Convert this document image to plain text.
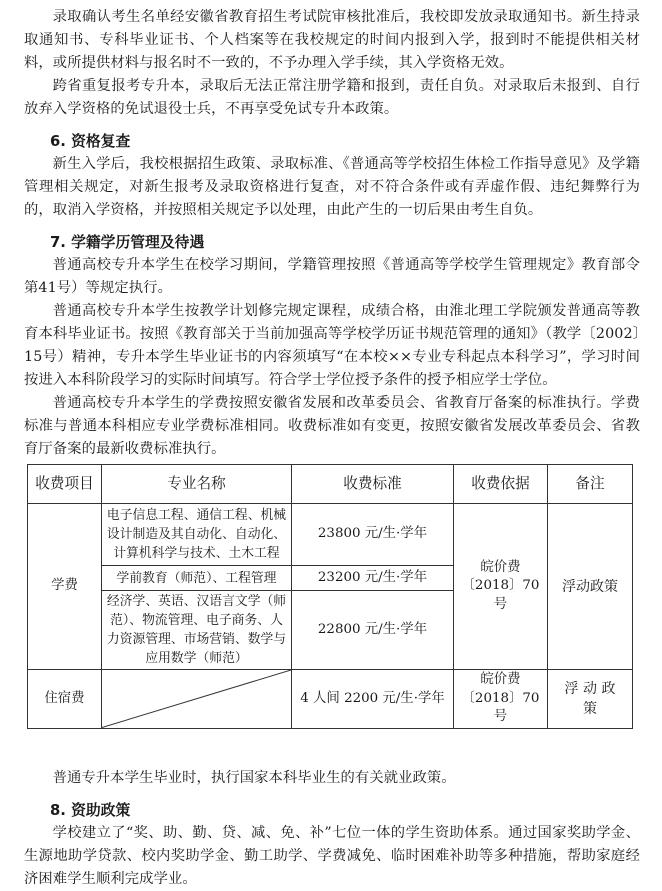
录取确认考生名单经安徽省教育招生考试院审核批准后，我校即发放录取通知书。新生持录取通知书、专科毕业证书、个人档案等在我校规定的时间内报到入学，报到时不能提供相关材料，或所提供材料与报名时不一致的，不予办理入学手续，其入学资格无效。

跨省重复报考专升本，录取后无法正常注册学籍和报到，责任自负。对录取后未报到、自行放弃入学资格的免试退役士兵，不再享受免试专升本政策。

6. 资格复查

新生入学后，我校根据招生政策、录取标准、《普通高等学校招生体检工作指导意见》及学籍管理相关规定，对新生报考及录取资格进行复查，对不符合条件或有弄虚作假、违纪舞弊行为的，取消入学资格，并按照相关规定予以处理，由此产生的一切后果由考生自负。

7. 学籍学历管理及待遇

普通高校专升本学生在校学习期间，学籍管理按照《普通高等学校学生管理规定》教育部令第41号）等规定执行。

普通高校专升本学生按教学计划修完规定课程，成绩合格，由淮北理工学院颁发普通高等教育本科毕业证书。按照《教育部关于当前加强高等学校学历证书规范管理的通知》（教学〔2002〕15号）精神，专升本学生毕业证书的内容须填写“在本校××专业专科起点本科学习”，学习时间按进入本科阶段学习的实际时间填写。符合学士学位授予条件的授予相应学士学位。

普通高校专升本学生的学费按照安徽省发展和改革委员会、省教育厅备案的标准执行。学费标准与普通本科相应专业学费标准相同。收费标准如有变更，按照安徽省发展改革委员会、省教育厅备案的最新收费标准执行。

收费项目	专业名称	收费标准	收费依据	备注
学费	电子信息工程、通信工程、机械设计制造及其自动化、自动化、计算机科学与技术、土木工程	23800 元/生·学年	皖价费〔2018〕70号	浮动政策
	学前教育（师范）、工程管理	23200 元/生·学年		
	经济学、英语、汉语言文学（师范）、物流管理、电子商务、人力资源管理、市场营销、数学与应用数学（师范）	22800 元/生·学年		
住宿费		4 人间 2200 元/生·学年	皖价费〔2018〕70号	浮 动 政 策

普通专升本学生毕业时，执行国家本科毕业生的有关就业政策。

8. 资助政策

学校建立了“奖、助、勤、贷、减、免、补”七位一体的学生资助体系。通过国家奖助学金、生源地助学贷款、校内奖助学金、勤工助学、学费减免、临时困难补助等多种措施，帮助家庭经济困难学生顺利完成学业。
